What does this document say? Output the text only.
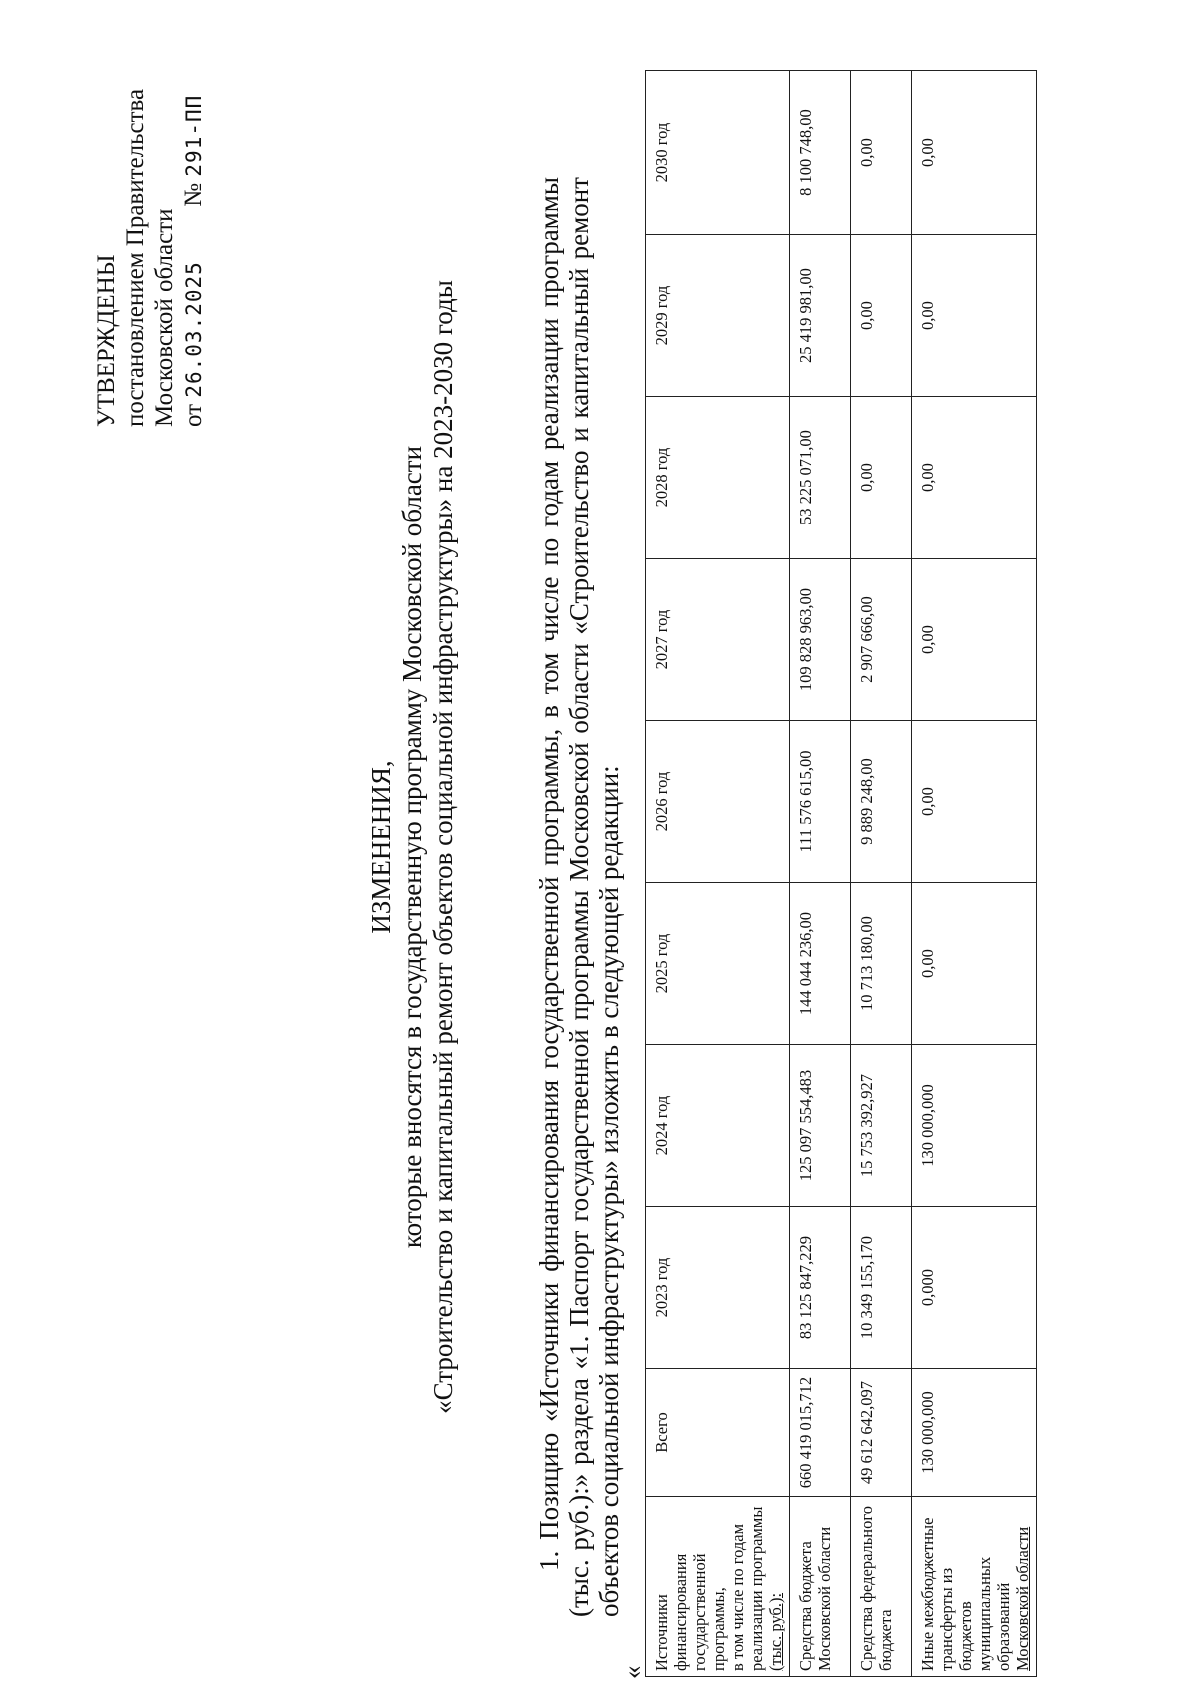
УТВЕРЖДЕНЫ постановлением Правительства Московской области от 26.03.2025  № 291-ПП
ИЗМЕНЕНИЯ, которые вносятся в государственную программу Московской области «Строительство и капитальный ремонт объектов социальной инфраструктуры» на 2023-2030 годы	1. Позицию «Источники финансирования государственной программы, в том числе по годам реализации программы (тыс. руб.):» раздела «1. Паспорт государственной программы Московской области «Строительство и капитальный ремонт объектов социальной инфраструктуры» изложить в следующей редакции:
«
Источники финансирования государственной программы, в том числе по годам реализации программы (тыс. руб.):	Всего	2023 год	2024 год	2025 год	2026 год	2027 год	2028 год	2029 год	2030 год

Средства бюджета Московской области	660 419 015,712	83 125 847,229	125 097 554,483	144 044 236,00	111 576 615,00	109 828 963,00	53 225 071,00	25 419 981,00	8 100 748,00

Средства федерального бюджета	49 612 642,097	10 349 155,170	15 753 392,927	10 713 180,00	9 889 248,00	2 907 666,00	0,00	0,00	0,00

Иные межбюджетные трансферты из бюджетов муниципальных образований Московской области	130 000,000	0,000	130 000,000	0,00	0,00	0,00	0,00	0,00	0,00
